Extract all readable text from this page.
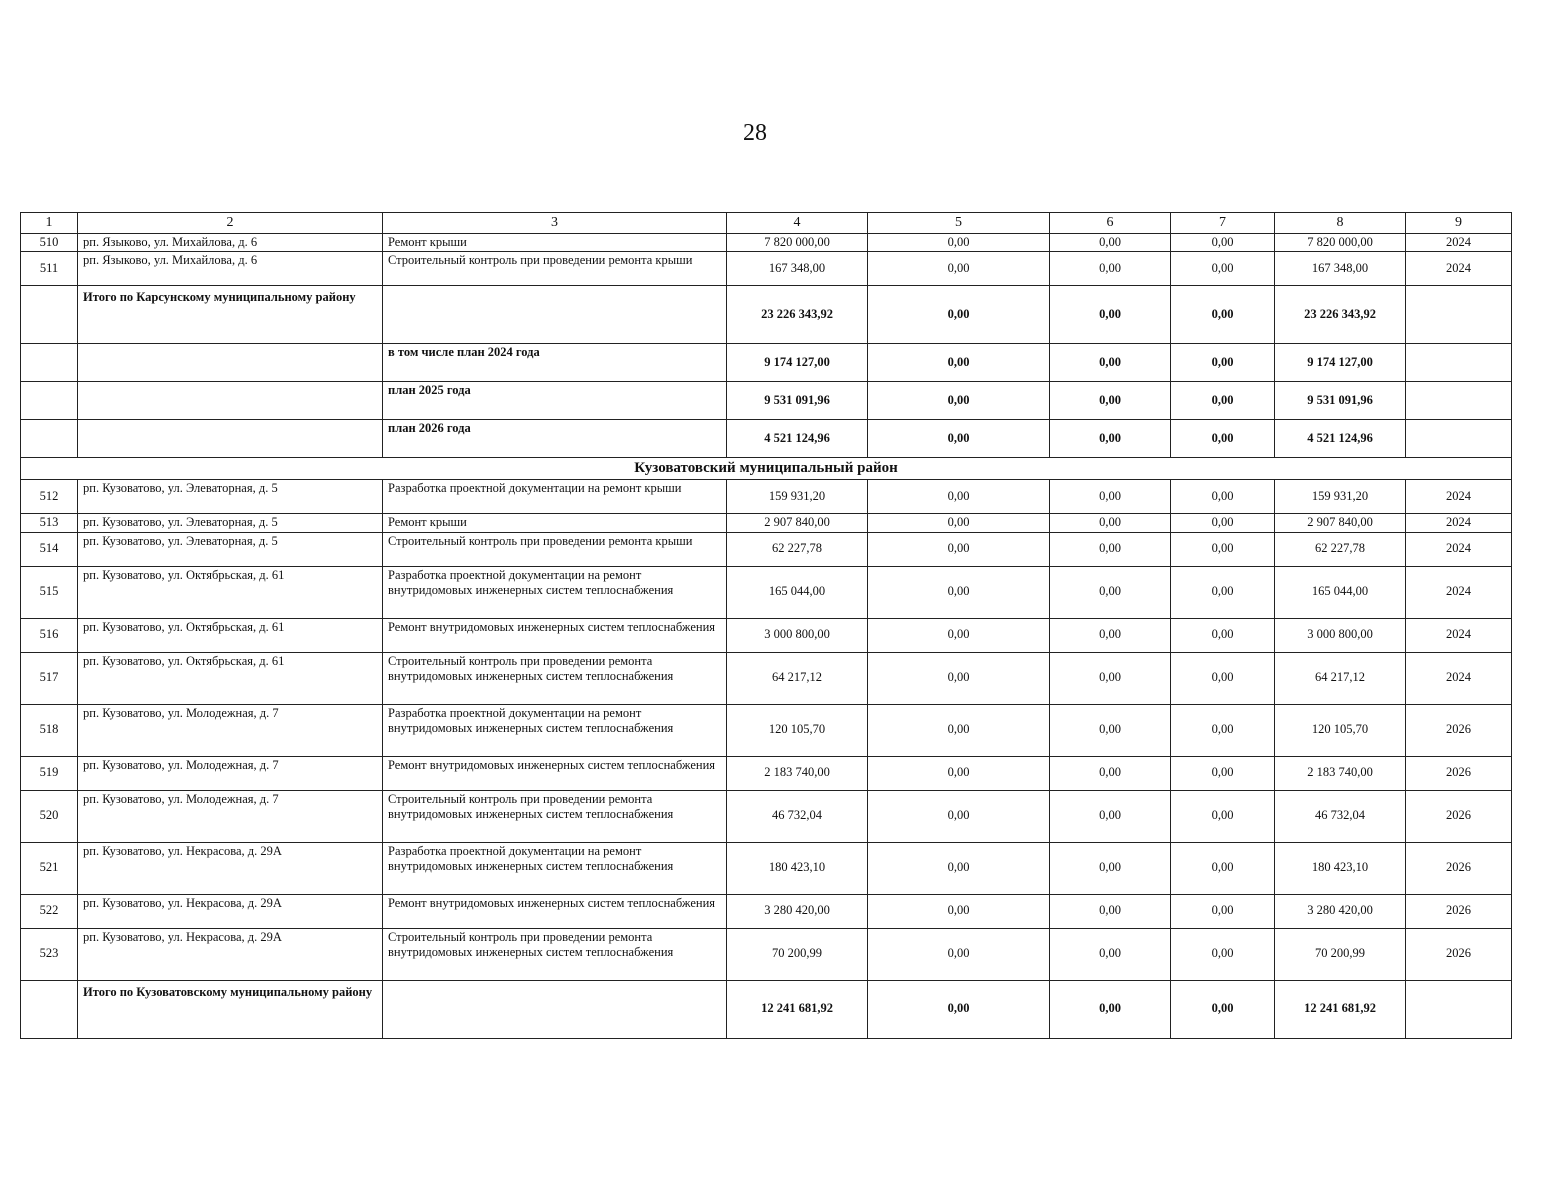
28
1	2	3	4	5	6	7	8	9
510	рп. Языково, ул. Михайлова, д. 6	Ремонт крыши	7 820 000,00	0,00	0,00	0,00	7 820 000,00	2024
511	рп. Языково, ул. Михайлова, д. 6	Строительный контроль при проведении ремонта крыши	167 348,00	0,00	0,00	0,00	167 348,00	2024
	Итого по Карсунскому муниципальному району		23 226 343,92	0,00	0,00	0,00	23 226 343,92	
		в том числе план 2024 года	9 174 127,00	0,00	0,00	0,00	9 174 127,00	
		план 2025 года	9 531 091,96	0,00	0,00	0,00	9 531 091,96	
		план 2026 года	4 521 124,96	0,00	0,00	0,00	4 521 124,96	
Кузоватовский муниципальный район								
512	рп. Кузоватово, ул. Элеваторная, д. 5	Разработка проектной документации на ремонт крыши	159 931,20	0,00	0,00	0,00	159 931,20	2024
513	рп. Кузоватово, ул. Элеваторная, д. 5	Ремонт крыши	2 907 840,00	0,00	0,00	0,00	2 907 840,00	2024
514	рп. Кузоватово, ул. Элеваторная, д. 5	Строительный контроль при проведении ремонта крыши	62 227,78	0,00	0,00	0,00	62 227,78	2024
515	рп. Кузоватово, ул. Октябрьская, д. 61	Разработка проектной документации на ремонт внутридомовых инженерных систем теплоснабжения	165 044,00	0,00	0,00	0,00	165 044,00	2024
516	рп. Кузоватово, ул. Октябрьская, д. 61	Ремонт внутридомовых инженерных систем теплоснабжения	3 000 800,00	0,00	0,00	0,00	3 000 800,00	2024
517	рп. Кузоватово, ул. Октябрьская, д. 61	Строительный контроль при проведении ремонта внутридомовых инженерных систем теплоснабжения	64 217,12	0,00	0,00	0,00	64 217,12	2024
518	рп. Кузоватово, ул. Молодежная, д. 7	Разработка проектной документации на ремонт внутридомовых инженерных систем теплоснабжения	120 105,70	0,00	0,00	0,00	120 105,70	2026
519	рп. Кузоватово, ул. Молодежная, д. 7	Ремонт внутридомовых инженерных систем теплоснабжения	2 183 740,00	0,00	0,00	0,00	2 183 740,00	2026
520	рп. Кузоватово, ул. Молодежная, д. 7	Строительный контроль при проведении ремонта внутридомовых инженерных систем теплоснабжения	46 732,04	0,00	0,00	0,00	46 732,04	2026
521	рп. Кузоватово, ул. Некрасова, д. 29А	Разработка проектной документации на ремонт внутридомовых инженерных систем теплоснабжения	180 423,10	0,00	0,00	0,00	180 423,10	2026
522	рп. Кузоватово, ул. Некрасова, д. 29А	Ремонт внутридомовых инженерных систем теплоснабжения	3 280 420,00	0,00	0,00	0,00	3 280 420,00	2026
523	рп. Кузоватово, ул. Некрасова, д. 29А	Строительный контроль при проведении ремонта внутридомовых инженерных систем теплоснабжения	70 200,99	0,00	0,00	0,00	70 200,99	2026
	Итого по Кузоватовскому муниципальному району		12 241 681,92	0,00	0,00	0,00	12 241 681,92	
